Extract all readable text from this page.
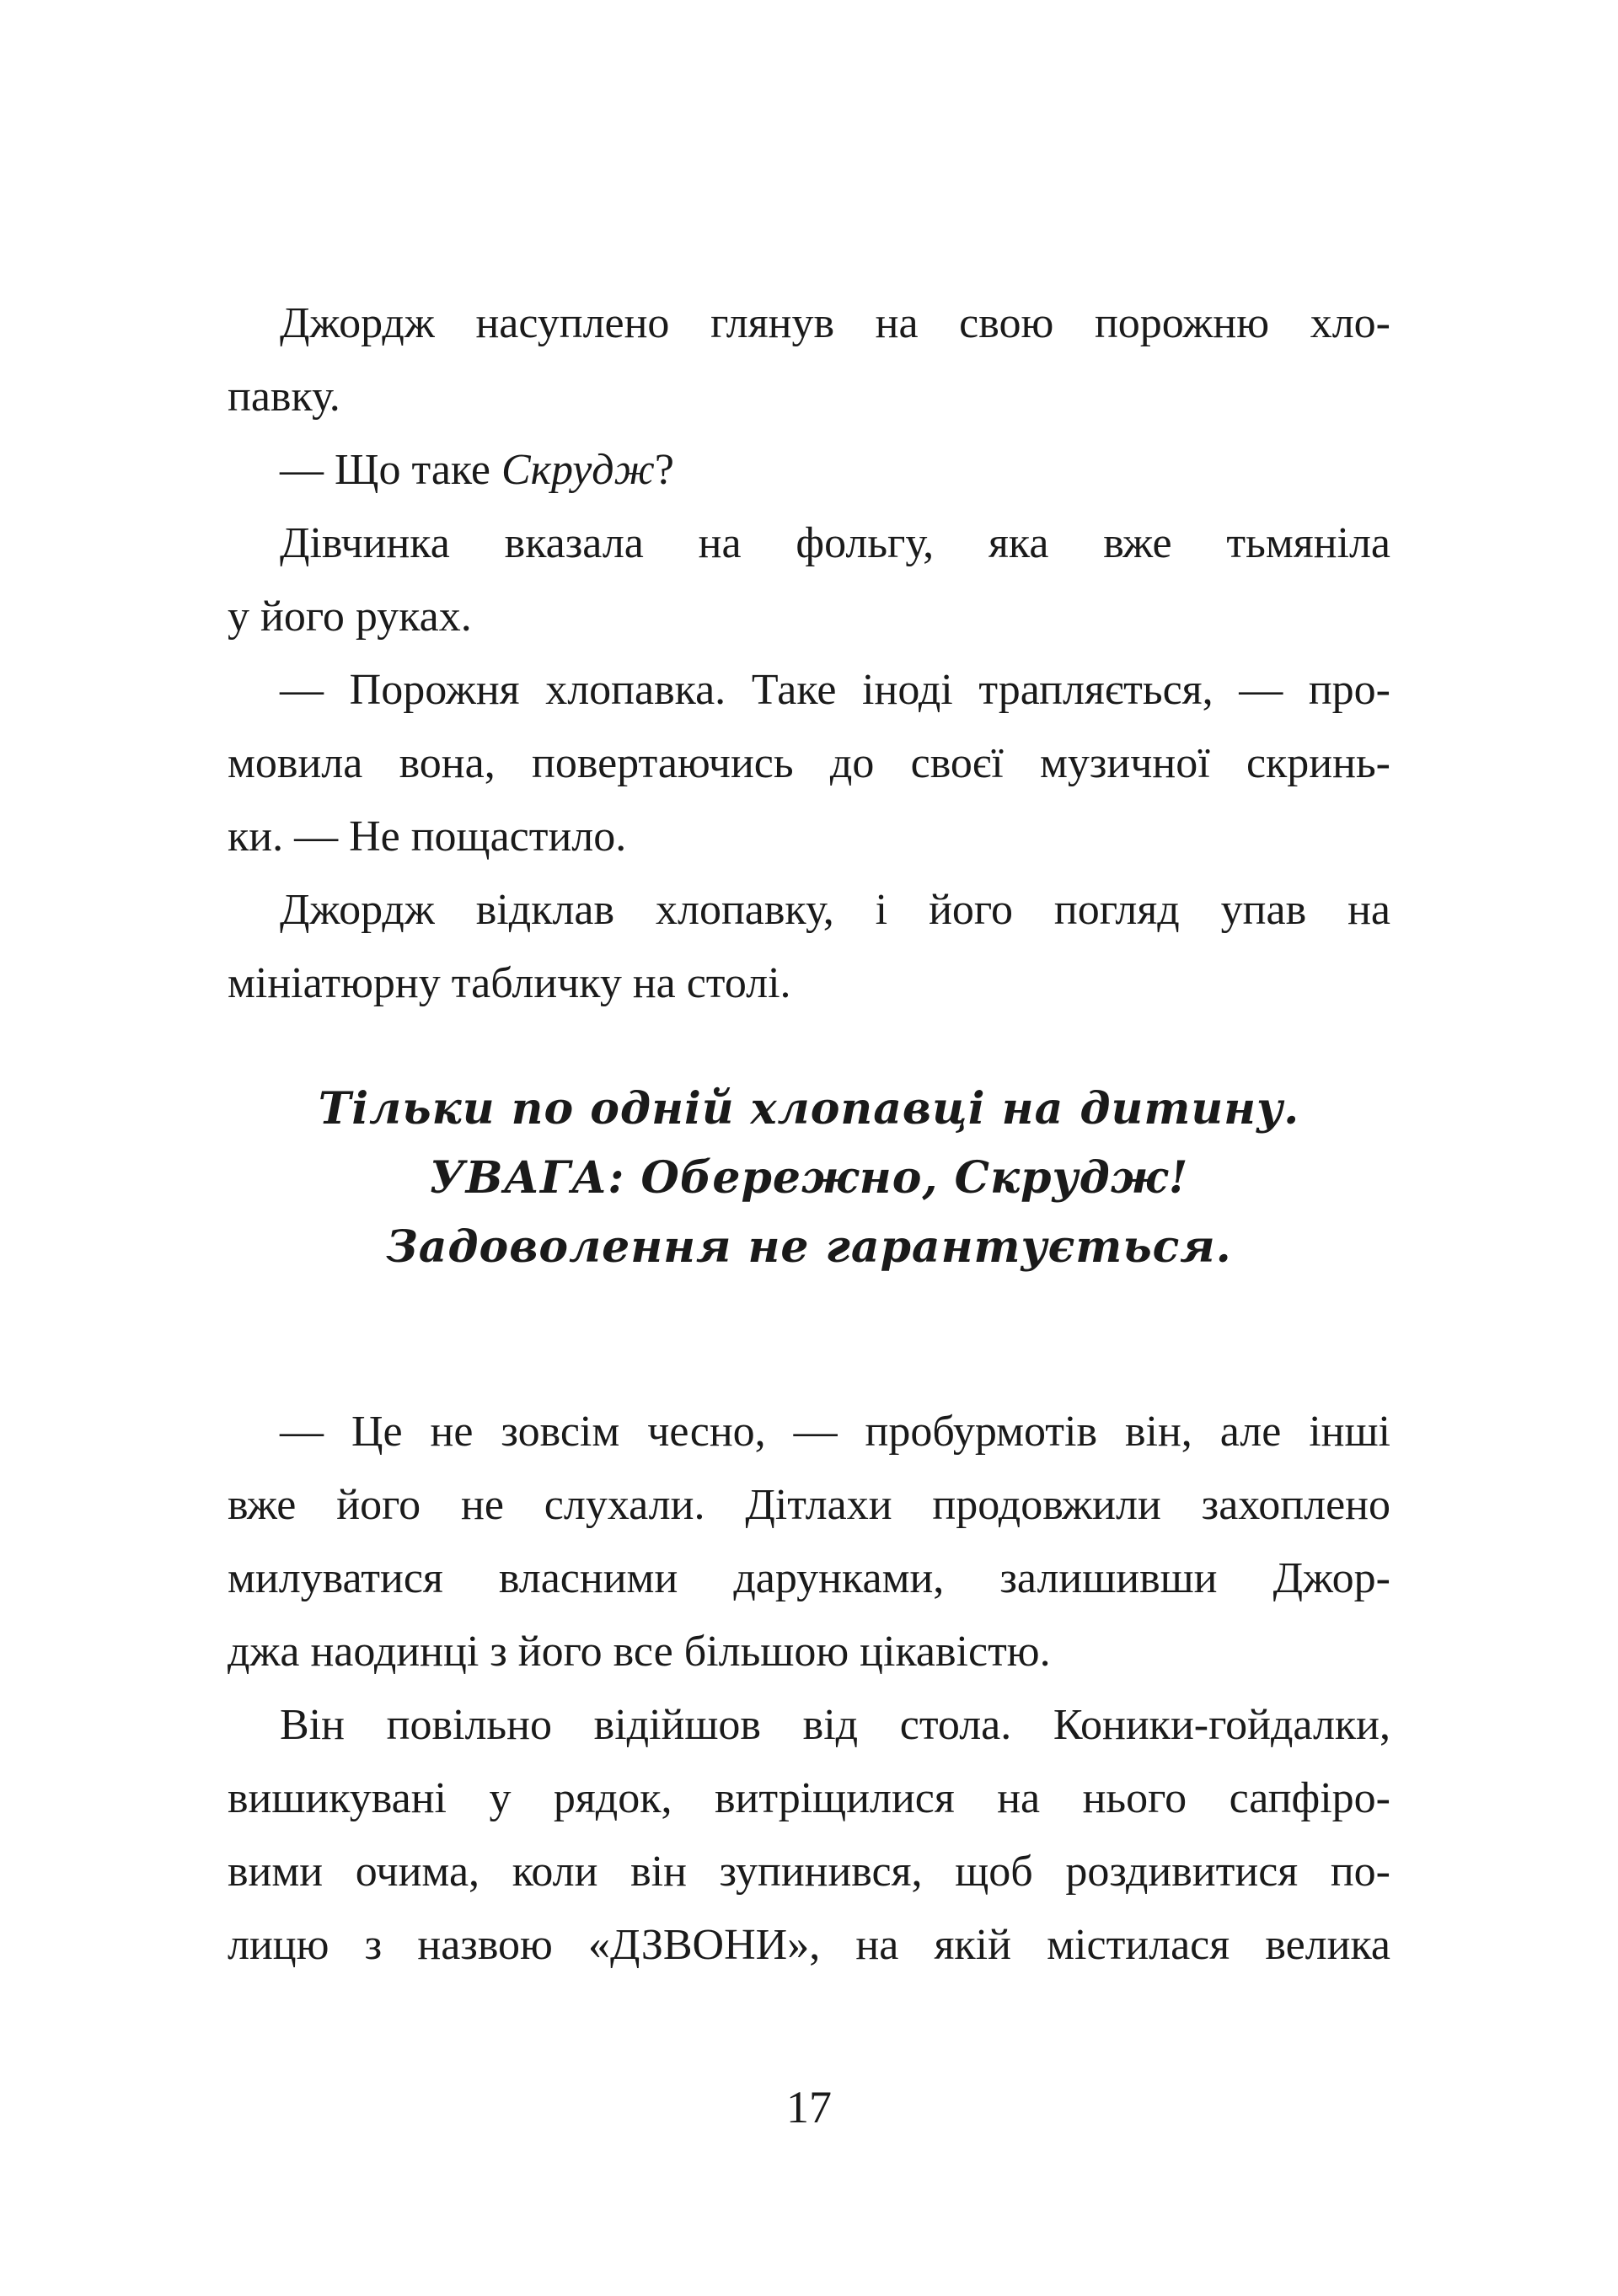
Джордж насуплено глянув на свою порожню хло-
павку.

— Що таке Скрудж?

Дівчинка вказала на фольгу, яка вже тьмяніла
у його руках.

— Порожня хлопавка. Таке іноді трапляється, — про-
мовила вона, повертаючись до своєї музичної скринь-
ки. — Не пощастило.

Джордж відклав хлопавку, і його погляд упав на
мініатюрну табличку на столі.

Тільки по одній хлопавці на дитину.
УВАГА: Обережно, Скрудж!
Задоволення не гарантується.

— Це не зовсім чесно, — пробурмотів він, але інші
вже його не слухали. Дітлахи продовжили захоплено
милуватися власними дарунками, залишивши Джор-
джа наодинці з його все більшою цікавістю.

Він повільно відійшов від стола. Коники-гойдалки,
вишикувані у рядок, витріщилися на нього сапфіро-
вими очима, коли він зупинився, щоб роздивитися по-
лицю з назвою «ДЗВОНИ», на якій містилася велика

17
